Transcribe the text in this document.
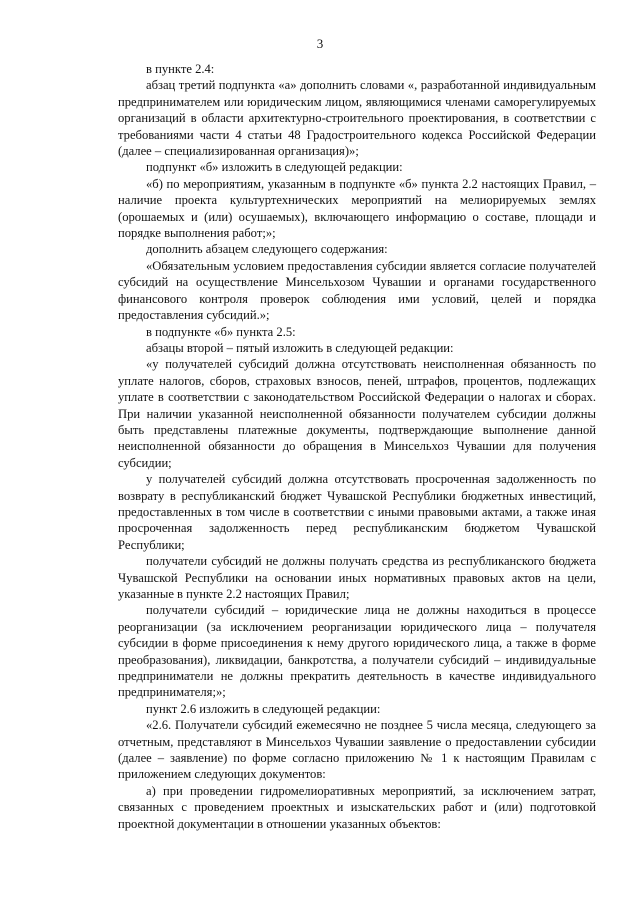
3

в пункте 2.4:

абзац третий подпункта «а» дополнить словами «, разработанной индивидуальным предпринимателем или юридическим лицом, являющимися членами саморегулируемых организаций в области архитектурно-строительного проектирования, в соответствии с требованиями части 4 статьи 48 Градостроительного кодекса Российской Федерации (далее – специализированная организация)»;

подпункт «б» изложить в следующей редакции:

«б) по мероприятиям, указанным в подпункте «б» пункта 2.2 настоящих Правил, – наличие проекта культуртехнических мероприятий на мелиорируемых землях (орошаемых и (или) осушаемых), включающего информацию о составе, площади и порядке выполнения работ;»;

дополнить абзацем следующего содержания:

«Обязательным условием предоставления субсидии является согласие получателей субсидий на осуществление Минсельхозом Чувашии и органами государственного финансового контроля проверок соблюдения ими условий, целей и порядка предоставления субсидий.»;

в подпункте «б» пункта 2.5:

абзацы второй – пятый изложить в следующей редакции:

«у получателей субсидий должна отсутствовать неисполненная обязанность по уплате налогов, сборов, страховых взносов, пеней, штрафов, процентов, подлежащих уплате в соответствии с законодательством Российской Федерации о налогах и сборах. При наличии указанной неисполненной обязанности получателем субсидии должны быть представлены платежные документы, подтверждающие выполнение данной неисполненной обязанности до обращения в Минсельхоз Чувашии для получения субсидии;

у получателей субсидий должна отсутствовать просроченная задолженность по возврату в республиканский бюджет Чувашской Республики бюджетных инвестиций, предоставленных в том числе в соответствии с иными правовыми актами, а также иная просроченная задолженность перед республиканским бюджетом Чувашской Республики;

получатели субсидий не должны получать средства из республиканского бюджета Чувашской Республики на основании иных нормативных правовых актов на цели, указанные в пункте 2.2 настоящих Правил;

получатели субсидий – юридические лица не должны находиться в процессе реорганизации (за исключением реорганизации юридического лица – получателя субсидии в форме присоединения к нему другого юридического лица, а также в форме преобразования), ликвидации, банкротства, а получатели субсидий – индивидуальные предприниматели не должны прекратить деятельность в качестве индивидуального предпринимателя;»;

пункт 2.6 изложить в следующей редакции:

«2.6. Получатели субсидий ежемесячно не позднее 5 числа месяца, следующего за отчетным, представляют в Минсельхоз Чувашии заявление о предоставлении субсидии (далее – заявление) по форме согласно приложению № 1 к настоящим Правилам с приложением следующих документов:

а) при проведении гидромелиоративных мероприятий, за исключением затрат, связанных с проведением проектных и изыскательских работ и (или) подготовкой проектной документации в отношении указанных объектов:
